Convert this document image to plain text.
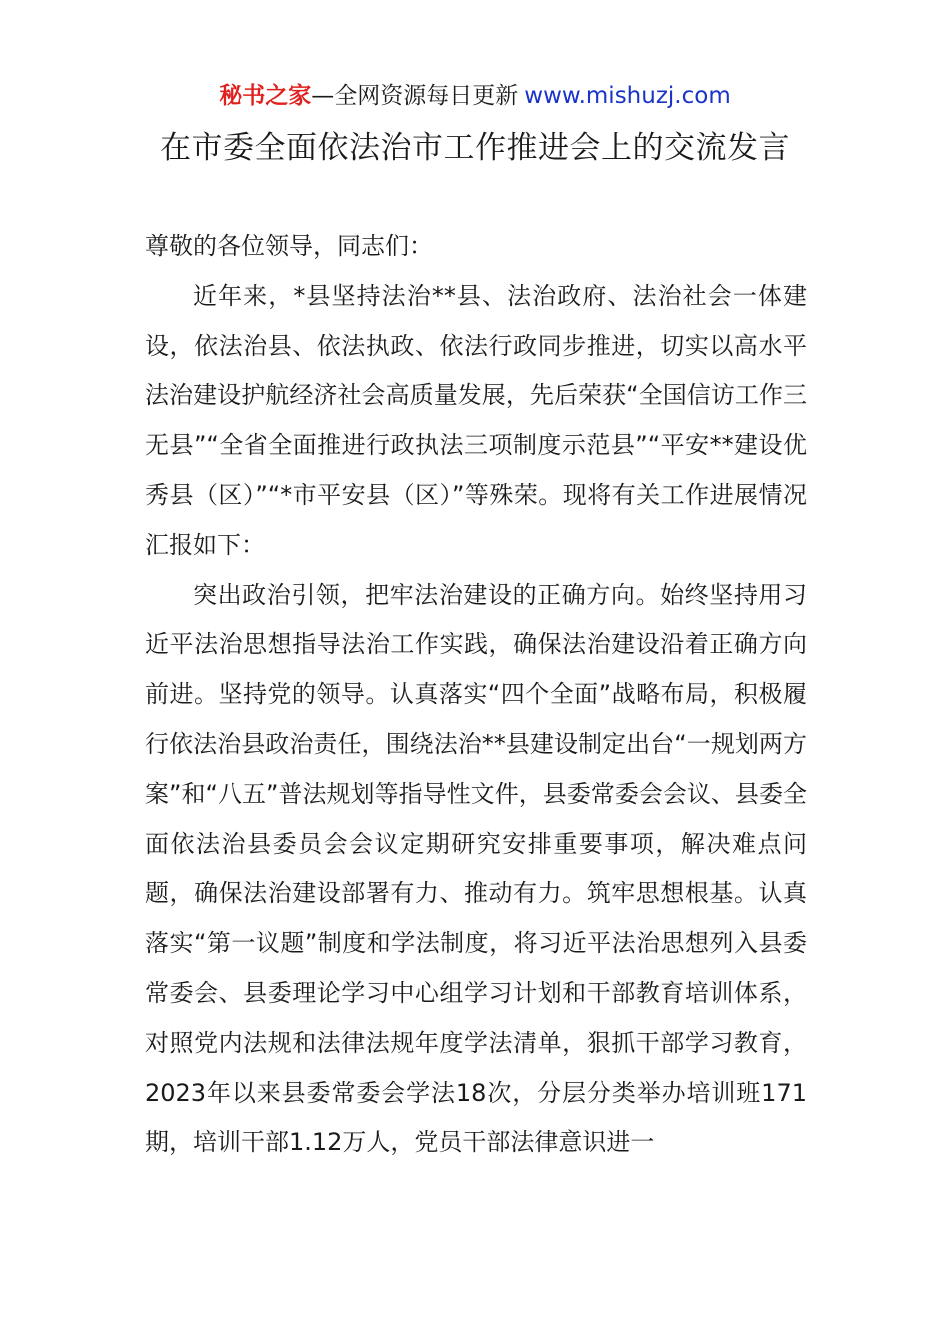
秘书之家—全网资源每日更新 www.mishuzj.com
在市委全面依法治市工作推进会上的交流发言

尊敬的各位领导，同志们：

近年来，*县坚持法治**县、法治政府、法治社会一体建设，依法治县、依法执政、依法行政同步推进，切实以高水平法治建设护航经济社会高质量发展，先后荣获“全国信访工作三无县”“全省全面推进行政执法三项制度示范县”“平安**建设优秀县（区）”“*市平安县（区）”等殊荣。现将有关工作进展情况汇报如下：

突出政治引领，把牢法治建设的正确方向。始终坚持用习近平法治思想指导法治工作实践，确保法治建设沿着正确方向前进。坚持党的领导。认真落实“四个全面”战略布局，积极履行依法治县政治责任，围绕法治**县建设制定出台“一规划两方案”和“八五”普法规划等指导性文件，县委常委会会议、县委全面依法治县委员会会议定期研究安排重要事项，解决难点问题，确保法治建设部署有力、推动有力。筑牢思想根基。认真落实“第一议题”制度和学法制度，将习近平法治思想列入县委常委会、县委理论学习中心组学习计划和干部教育培训体系，对照党内法规和法律法规年度学法清单，狠抓干部学习教育，2023年以来县委常委会学法18次，分层分类举办培训班171期，培训干部1.12万人，党员干部法律意识进一
